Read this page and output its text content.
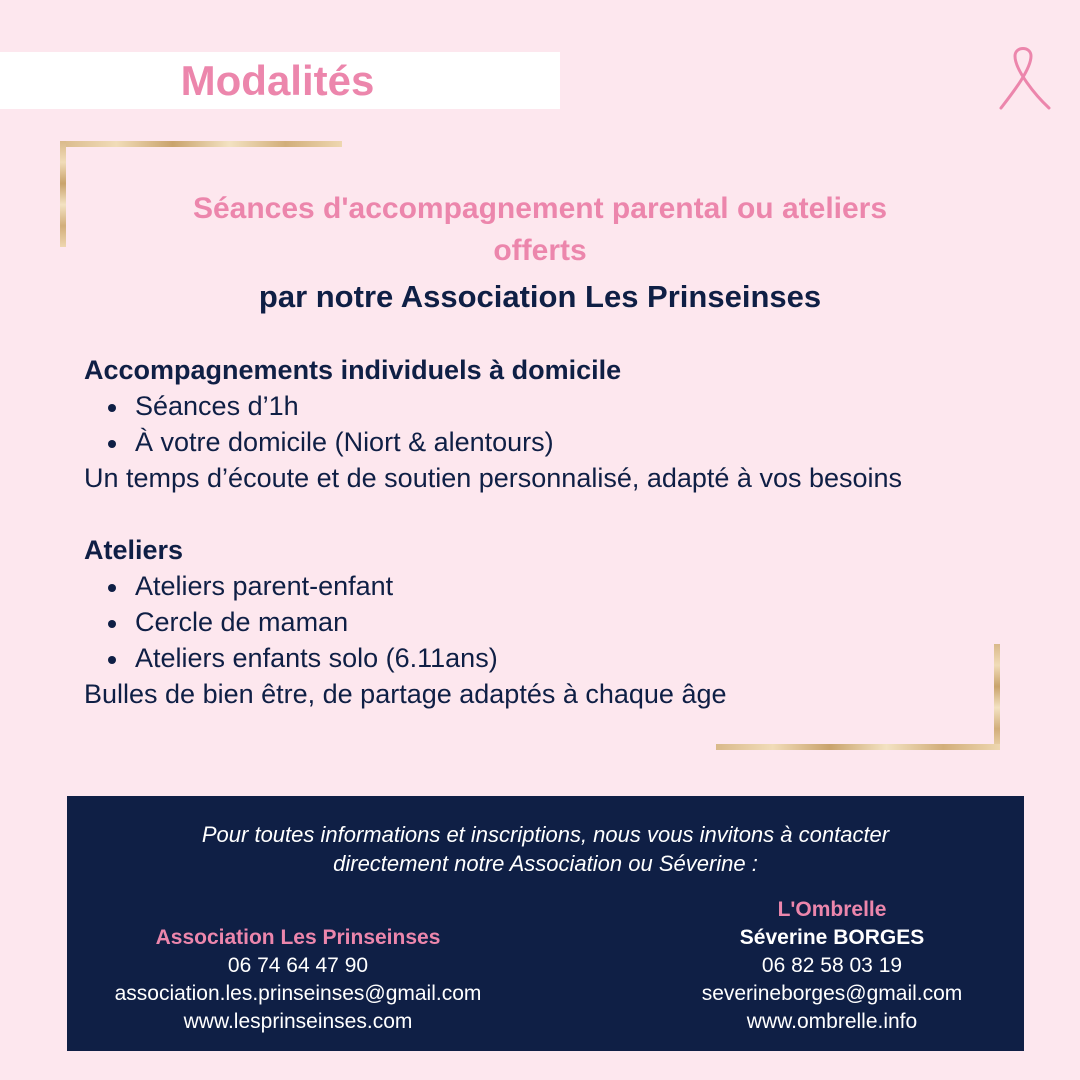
Modalités
Séances d'accompagnement parental ou ateliers
offerts
par notre Association Les Prinseinses
Accompagnements individuels à domicile
Séances d’1h
À votre domicile (Niort & alentours)
Un temps d’écoute et de soutien personnalisé, adapté à vos besoins
Ateliers
Ateliers parent-enfant
Cercle de maman
Ateliers enfants solo (6.11ans)
Bulles de bien être, de partage adaptés à chaque âge
Pour toutes informations et inscriptions, nous vous invitons à contacter
directement notre Association ou Séverine :
Association Les Prinseinses
06 74 64 47 90
association.les.prinseinses@gmail.com
www.lesprinseinses.com
L'Ombrelle
Séverine BORGES
06 82 58 03 19
severineborges@gmail.com
www.ombrelle.info
